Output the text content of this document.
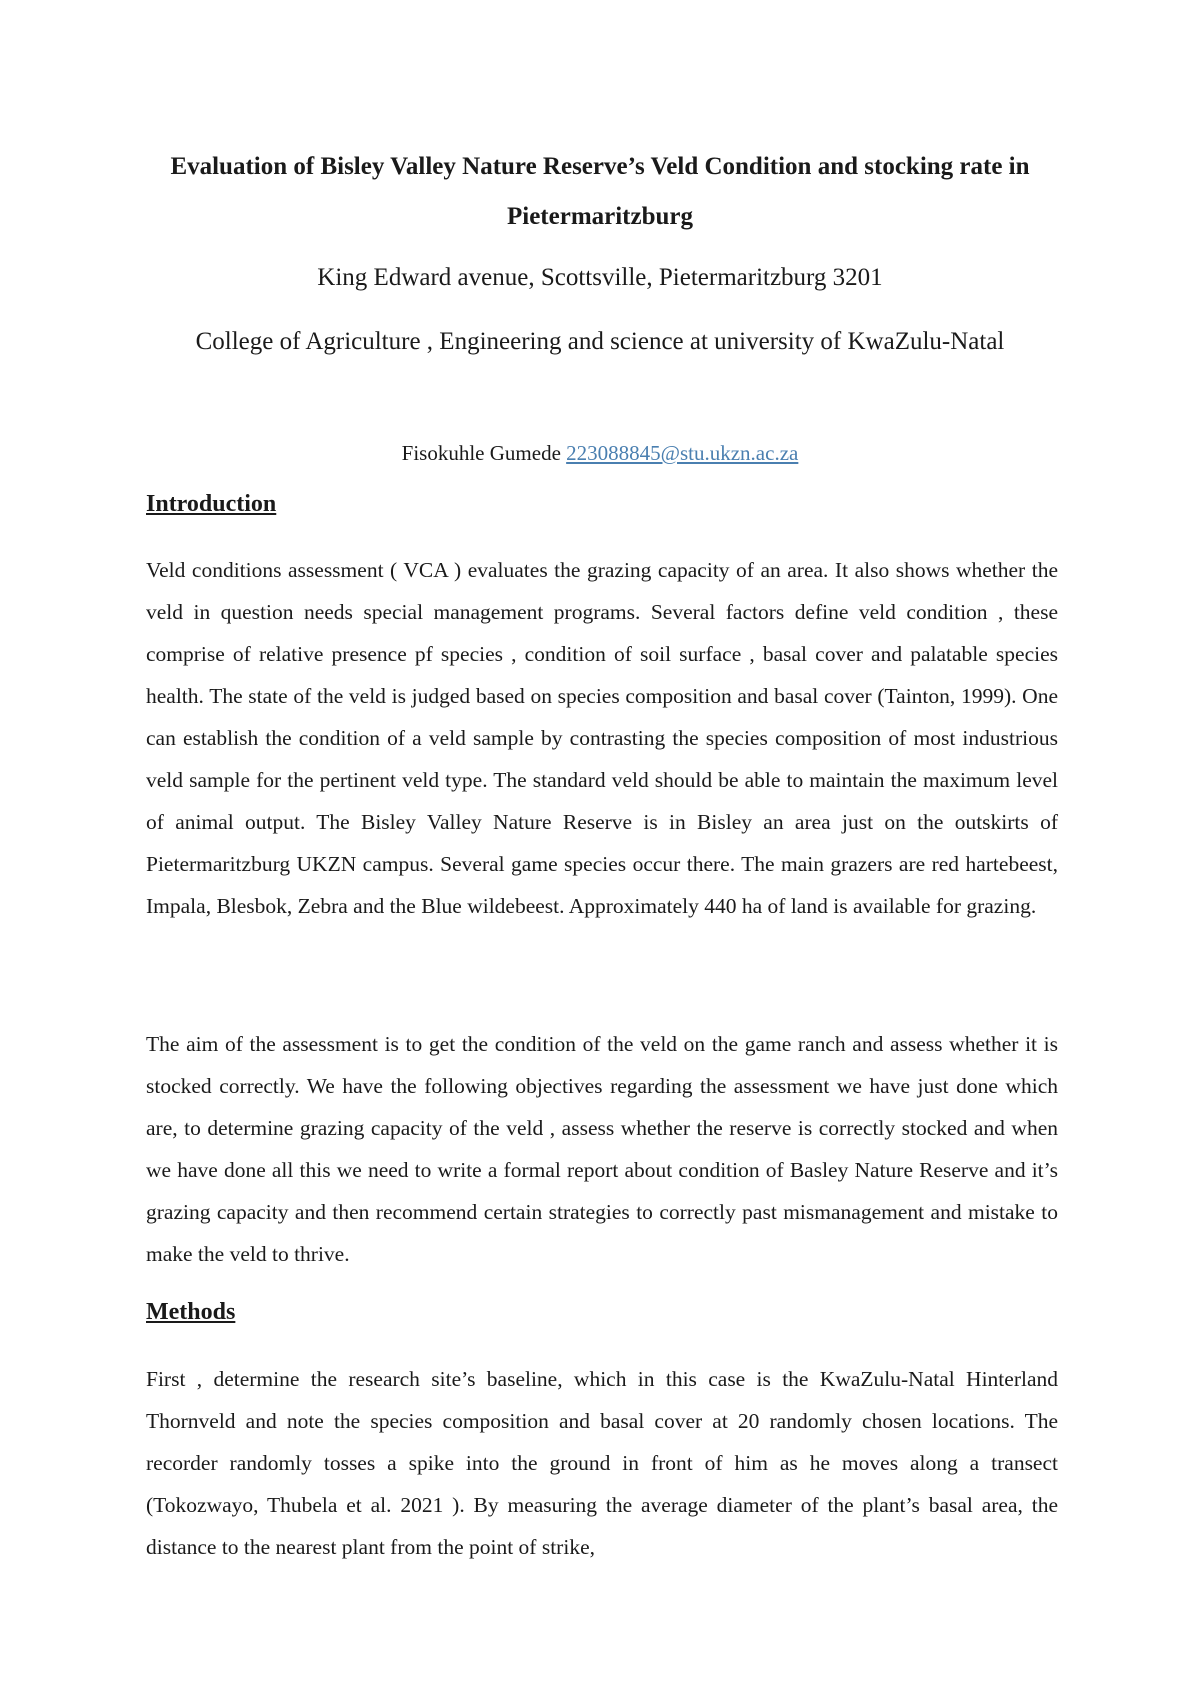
Evaluation of Bisley Valley Nature Reserve’s Veld Condition and stocking rate in Pietermaritzburg

King Edward avenue, Scottsville, Pietermaritzburg 3201

College of Agriculture , Engineering and science at university of KwaZulu-Natal

Fisokuhle Gumede 223088845@stu.ukzn.ac.za

Introduction

Veld conditions assessment ( VCA ) evaluates the grazing capacity of an area. It also shows whether the veld in question needs special management programs. Several factors define veld condition , these comprise of relative presence pf species , condition of soil surface , basal cover and palatable species health. The state of the veld is judged based on species composition and basal cover (Tainton, 1999). One can establish the condition of a veld sample by contrasting the species composition of most industrious veld sample for the pertinent veld type. The standard veld should be able to maintain the maximum level of animal output. The Bisley Valley Nature Reserve is in Bisley an area just on the outskirts of Pietermaritzburg UKZN campus. Several game species occur there. The main grazers are red hartebeest, Impala, Blesbok, Zebra and the Blue wildebeest. Approximately 440 ha of land is available for grazing.

The aim of the assessment is to get the condition of the veld on the game ranch and assess whether it is stocked correctly. We have the following objectives regarding the assessment we have just done which are, to determine grazing capacity of the veld , assess whether the reserve is correctly stocked and when we have done all this we need to write a formal report about condition of Basley Nature Reserve and it’s grazing capacity and then recommend certain strategies to correctly past mismanagement and mistake to make the veld to thrive.

Methods

First , determine the research site’s baseline, which in this case is the KwaZulu-Natal Hinterland Thornveld and note the species composition and basal cover at 20 randomly chosen locations. The recorder randomly tosses a spike into the ground in front of him as he moves along a transect (Tokozwayo, Thubela et al. 2021 ). By measuring the average diameter of the plant’s basal area, the distance to the nearest plant from the point of strike,
